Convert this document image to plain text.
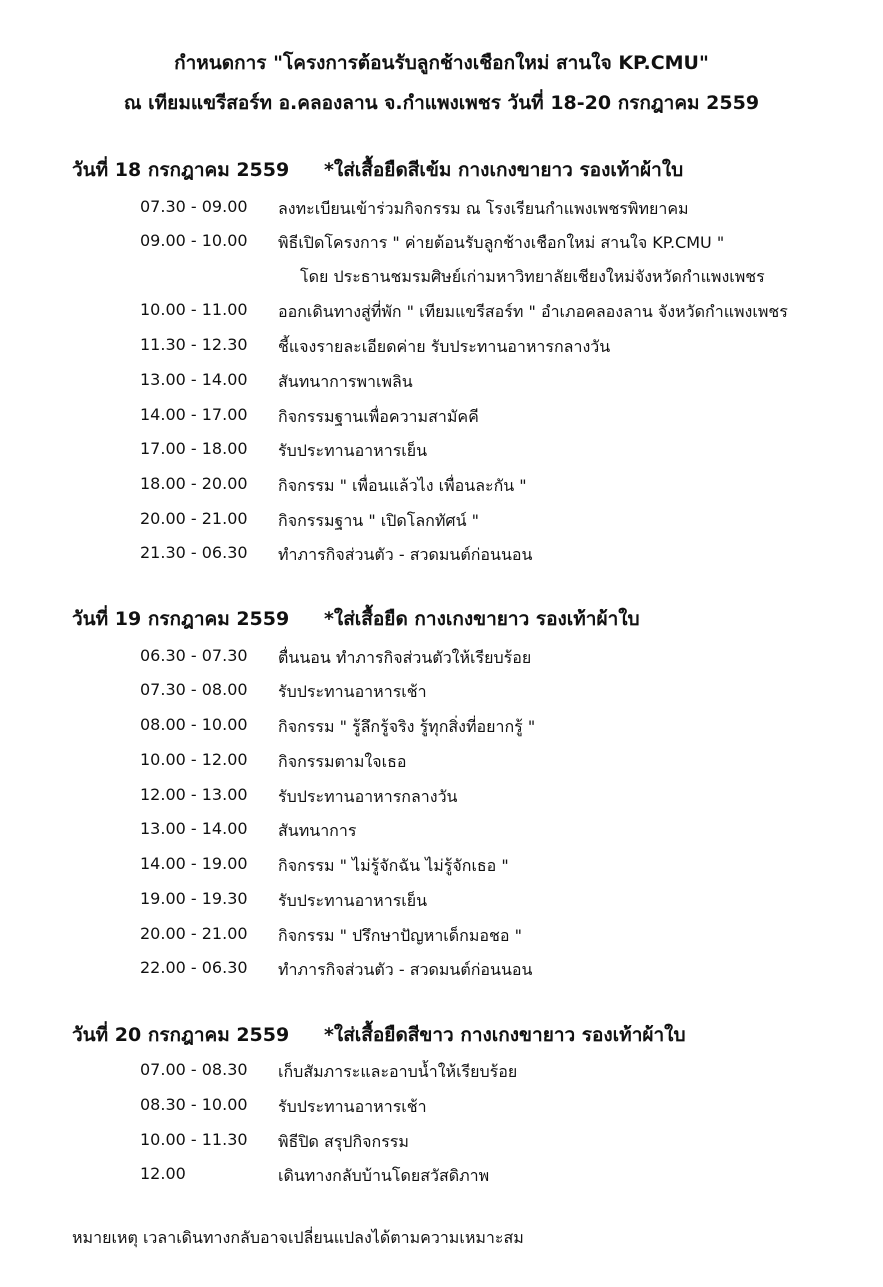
กำหนดการ "โครงการต้อนรับลูกช้างเชือกใหม่ สานใจ KP.CMU"
ณ เทียมแขรีสอร์ท อ.คลองลาน จ.กำแพงเพชร วันที่ 18-20 กรกฎาคม 2559
วันที่ 18 กรกฎาคม 2559 *ใส่เสื้อยืดสีเข้ม กางเกงขายาว รองเท้าผ้าใบ
07.30 - 09.00 ลงทะเบียนเข้าร่วมกิจกรรม ณ โรงเรียนกำแพงเพชรพิทยาคม
09.00 - 10.00 พิธีเปิดโครงการ " ค่ายต้อนรับลูกช้างเชือกใหม่ สานใจ KP.CMU "
โดย ประธานชมรมศิษย์เก่ามหาวิทยาลัยเชียงใหม่จังหวัดกำแพงเพชร
10.00 - 11.00 ออกเดินทางสู่ที่พัก " เทียมแขรีสอร์ท " อำเภอคลองลาน จังหวัดกำแพงเพชร
11.30 - 12.30 ชี้แจงรายละเอียดค่าย รับประทานอาหารกลางวัน
13.00 - 14.00 สันทนาการพาเพลิน
14.00 - 17.00 กิจกรรมฐานเพื่อความสามัคคี
17.00 - 18.00 รับประทานอาหารเย็น
18.00 - 20.00 กิจกรรม " เพื่อนแล้วไง เพื่อนละกัน "
20.00 - 21.00 กิจกรรมฐาน " เปิดโลกทัศน์ "
21.30 - 06.30 ทำภารกิจส่วนตัว - สวดมนต์ก่อนนอน
วันที่ 19 กรกฎาคม 2559 *ใส่เสื้อยืด กางเกงขายาว รองเท้าผ้าใบ
06.30 - 07.30 ตื่นนอน ทำภารกิจส่วนตัวให้เรียบร้อย
07.30 - 08.00 รับประทานอาหารเช้า
08.00 - 10.00 กิจกรรม " รู้ลึกรู้จริง รู้ทุกสิ่งที่อยากรู้ "
10.00 - 12.00 กิจกรรมตามใจเธอ
12.00 - 13.00 รับประทานอาหารกลางวัน
13.00 - 14.00 สันทนาการ
14.00 - 19.00 กิจกรรม " ไม่รู้จักฉัน ไม่รู้จักเธอ "
19.00 - 19.30 รับประทานอาหารเย็น
20.00 - 21.00 กิจกรรม " ปรึกษาปัญหาเด็กมอชอ "
22.00 - 06.30 ทำภารกิจส่วนตัว - สวดมนต์ก่อนนอน
วันที่ 20 กรกฎาคม 2559 *ใส่เสื้อยืดสีขาว กางเกงขายาว รองเท้าผ้าใบ
07.00 - 08.30 เก็บสัมภาระและอาบน้ำให้เรียบร้อย
08.30 - 10.00 รับประทานอาหารเช้า
10.00 - 11.30 พิธีปิด สรุปกิจกรรม
12.00	เดินทางกลับบ้านโดยสวัสดิภาพ
หมายเหตุ เวลาเดินทางกลับอาจเปลี่ยนแปลงได้ตามความเหมาะสม
